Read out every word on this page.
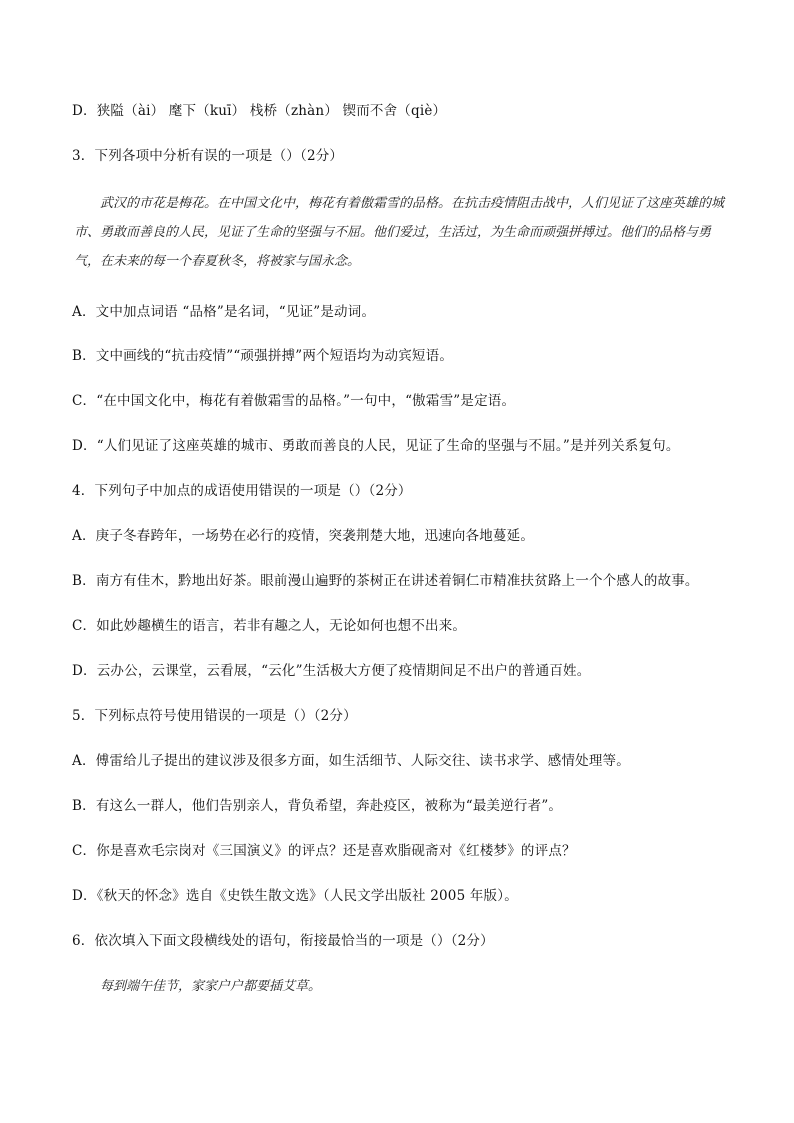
D．狭隘（ài） 麾下（kuī） 栈桥（zhàn） 锲而不舍（qiè）
3．下列各项中分析有误的一项是（）（2分）
武汉的市花是梅花。在中国文化中，梅花有着傲霜雪的品格。在抗击疫情阻击战中，人们见证了这座英雄的城市、勇敢而善良的人民，见证了生命的坚强与不屈。他们爱过，生活过，为生命而顽强拼搏过。他们的品格与勇气，在未来的每一个春夏秋冬，将被家与国永念。
A．文中加点词语 “品格”是名词，“见证”是动词。
B．文中画线的“抗击疫情”“顽强拼搏”两个短语均为动宾短语。
C．“在中国文化中，梅花有着傲霜雪的品格。”一句中，“傲霜雪”是定语。
D．“人们见证了这座英雄的城市、勇敢而善良的人民，见证了生命的坚强与不屈。”是并列关系复句。
4．下列句子中加点的成语使用错误的一项是（）（2分）
A．庚子冬春跨年，一场势在必行的疫情，突袭荆楚大地，迅速向各地蔓延。
B．南方有佳木，黔地出好茶。眼前漫山遍野的茶树正在讲述着铜仁市精准扶贫路上一个个感人的故事。
C．如此妙趣横生的语言，若非有趣之人，无论如何也想不出来。
D．云办公，云课堂，云看展，“云化”生活极大方便了疫情期间足不出户的普通百姓。
5．下列标点符号使用错误的一项是（）（2分）
A．傅雷给儿子提出的建议涉及很多方面，如生活细节、人际交往、读书求学、感情处理等。
B．有这么一群人，他们告别亲人，背负希望，奔赴疫区，被称为“最美逆行者”。
C．你是喜欢毛宗岗对《三国演义》的评点？还是喜欢脂砚斋对《红楼梦》的评点？
D．《秋天的怀念》选自《史铁生散文选》（人民文学出版社 2005 年版）。
6．依次填入下面文段横线处的语句，衔接最恰当的一项是（）（2分）
每到端午佳节，家家户户都要插艾草。
